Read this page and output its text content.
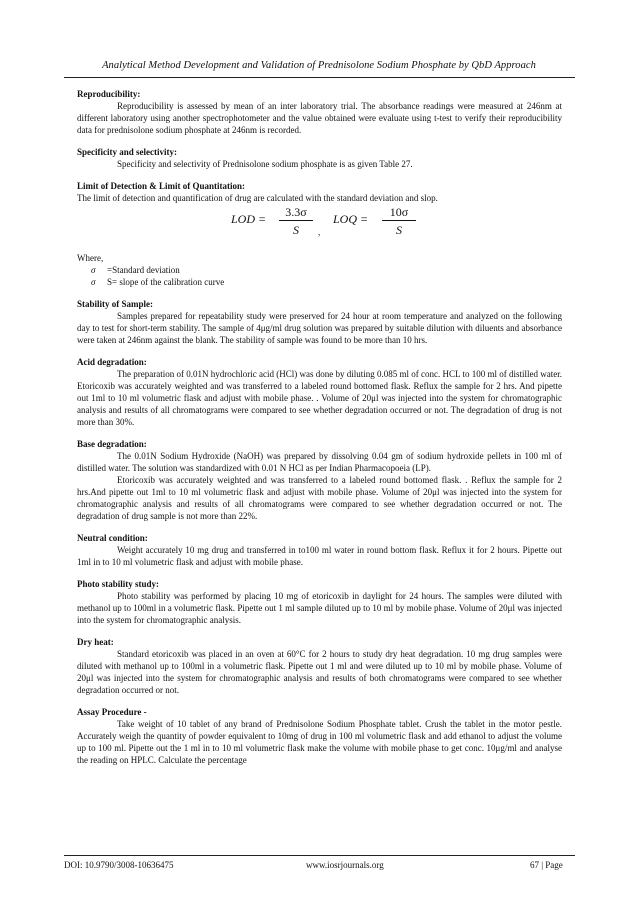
Analytical Method Development and Validation of Prednisolone Sodium Phosphate by QbD Approach
Reproducibility:

Reproducibility is assessed by mean of an inter laboratory trial. The absorbance readings were measured at 246nm at different laboratory using another spectrophotometer and the value obtained were evaluate using t-test to verify their reproducibility data for prednisolone sodium phosphate at 246nm is recorded.

Specificity and selectivity:

Specificity and selectivity of Prednisolone sodium phosphate is as given Table 27.

Limit of Detection & Limit of Quantitation:

The limit of detection and quantification of drug are calculated with the standard deviation and slop.

LOD = $\frac{3.3\sigma}{S}$ ,
LOQ = $\frac{10\sigma}{S}$

Where,

σ =Standard deviation

σ S= slope of the calibration curve

Stability of Sample:

Samples prepared for repeatability study were preserved for 24 hour at room temperature and analyzed on the following day to test for short-term stability. The sample of 4μg/ml drug solution was prepared by suitable dilution with diluents and absorbance were taken at 246nm against the blank. The stability of sample was found to be more than 10 hrs.

Acid degradation:

The preparation of 0.01N hydrochloric acid (HCl) was done by diluting 0.085 ml of conc. HCL to 100 ml of distilled water. Etoricoxib was accurately weighted and was transferred to a labeled round bottomed flask. Reflux the sample for 2 hrs. And pipette out 1ml to 10 ml volumetric flask and adjust with mobile phase. . Volume of 20μl was injected into the system for chromatographic analysis and results of all chromatograms were compared to see whether degradation occurred or not. The degradation of drug is not more than 30%.

Base degradation:

The 0.01N Sodium Hydroxide (NaOH) was prepared by dissolving 0.04 gm of sodium hydroxide pellets in 100 ml of distilled water. The solution was standardized with 0.01 N HCl as per Indian Pharmacopoeia (LP).

Etoricoxib was accurately weighted and was transferred to a labeled round bottomed flask. . Reflux the sample for 2 hrs.And pipette out 1ml to 10 ml volumetric flask and adjust with mobile phase. Volume of 20μl was injected into the system for chromatographic analysis and results of all chromatograms were compared to see whether degradation occurred or not. The degradation of drug sample is not more than 22%.

Neutral condition:

Weight accurately 10 mg drug and transferred in to100 ml water in round bottom flask. Reflux it for 2 hours. Pipette out 1ml in to 10 ml volumetric flask and adjust with mobile phase.

Photo stability study:

Photo stability was performed by placing 10 mg of etoricoxib in daylight for 24 hours. The samples were diluted with methanol up to 100ml in a volumetric flask. Pipette out 1 ml sample diluted up to 10 ml by mobile phase. Volume of 20μl was injected into the system for chromatographic analysis.

Dry heat:

Standard etoricoxib was placed in an oven at 60°C for 2 hours to study dry heat degradation. 10 mg drug samples were diluted with methanol up to 100ml in a volumetric flask. Pipette out 1 ml and were diluted up to 10 ml by mobile phase. Volume of 20μl was injected into the system for chromatographic analysis and results of both chromatograms were compared to see whether degradation occurred or not.

Assay Procedure -

Take weight of 10 tablet of any brand of Prednisolone Sodium Phosphate tablet. Crush the tablet in the motor pestle. Accurately weigh the quantity of powder equivalent to 10mg of drug in 100 ml volumetric flask and add ethanol to adjust the volume up to 100 ml. Pipette out the 1 ml in to 10 ml volumetric flask make the volume with mobile phase to get conc. 10μg/ml and analyse the reading on HPLC. Calculate the percentage

DOI: 10.9790/3008-10636475	www.iosrjournals.org	67 | Page
